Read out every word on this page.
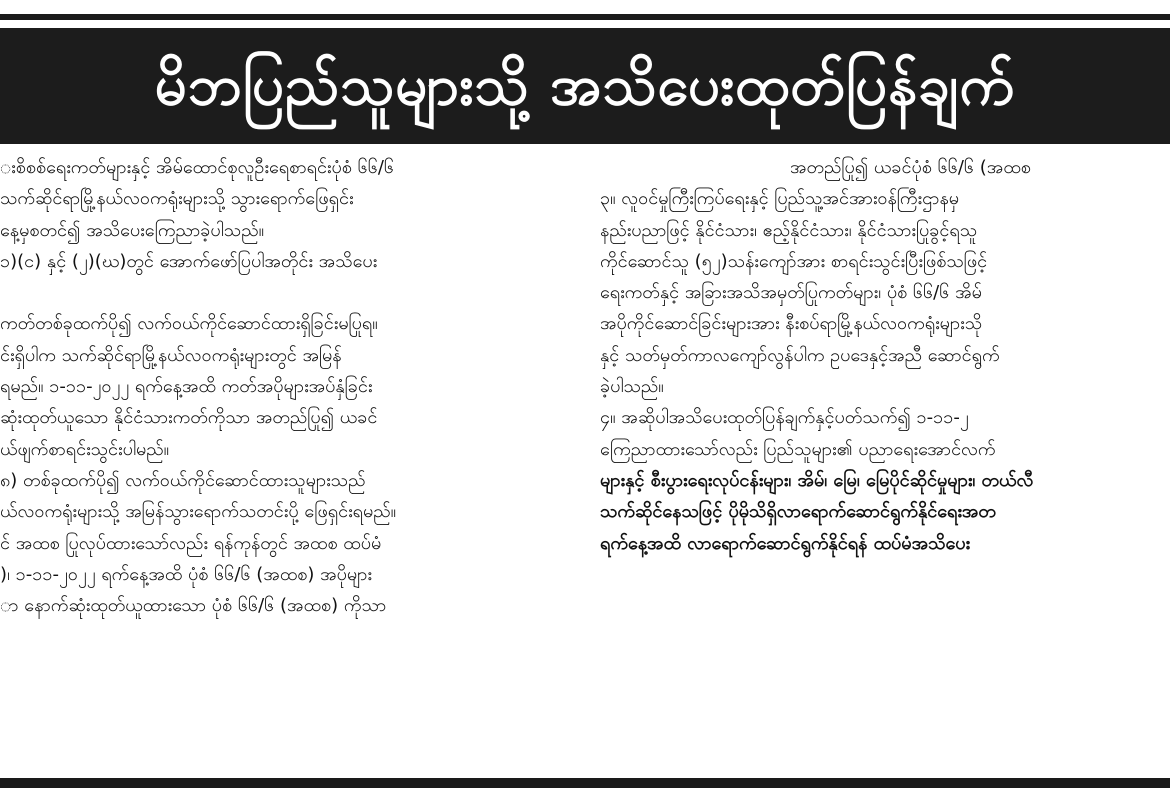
မိဘပြည်သူများသို့ အသိပေးထုတ်ပြန်ချက်
းစိစစ်ရေးကတ်များနှင့် အိမ်ထောင်စုလူဦးရေစာရင်းပုံစံ ၆၆/၆
သက်ဆိုင်ရာမြို့နယ်လဝကရုံးများသို့ သွားရောက်ဖြေရှင်း
နေ့မှစတင်၍ အသိပေးကြေညာခဲ့ပါသည်။
၁)(င) နှင့် (၂)(ဃ)တွင် အောက်ဖော်ပြပါအတိုင်း အသိပေး

ကတ်တစ်ခုထက်ပို၍ လက်ဝယ်ကိုင်ဆောင်ထားရှိခြင်းမပြုရ။
င်းရှိပါက သက်ဆိုင်ရာမြို့နယ်လဝကရုံးများတွင် အမြန်
ရမည်။ ၁-၁၁-၂၀၂၂ ရက်နေ့အထိ ကတ်အပိုများအပ်နှံခြင်း
ဆုံးထုတ်ယူသော နိုင်ငံသားကတ်ကိုသာ အတည်ပြု၍ ယခင်
ယ်ဖျက်စာရင်းသွင်းပါမည်။
၈) တစ်ခုထက်ပို၍ လက်ဝယ်ကိုင်ဆောင်ထားသူများသည်
ယ်လဝကရုံးများသို့ အမြန်သွားရောက်သတင်းပို့ ဖြေရှင်းရမည်။
င် အထစ ပြုလုပ်ထားသော်လည်း ရန်ကုန်တွင် အထစ ထပ်မံ
)၊ ၁-၁၁-၂၀၂၂ ရက်နေ့အထိ ပုံစံ ၆၆/၆ (အထစ) အပိုများ
ာ နောက်ဆုံးထုတ်ယူထားသော ပုံစံ ၆၆/၆ (အထစ) ကိုသာ
အတည်ပြု၍ ယခင်ပုံစံ ၆၆/၆ (အထစ
၃။ လူဝင်မှုကြီးကြပ်ရေးနှင့် ပြည်သူ့အင်အားဝန်ကြီးဌာနမှ
နည်းပညာဖြင့် နိုင်ငံသား၊ ဧည့်နိုင်ငံသား၊ နိုင်ငံသားပြုခွင့်ရသူ
ကိုင်ဆောင်သူ (၅၂)သန်းကျော်အား စာရင်းသွင်းပြီးဖြစ်သဖြင့်
ရေးကတ်နှင့် အခြားအသိအမှတ်ပြုကတ်များ၊ ပုံစံ ၆၆/၆ အိမ်
အပိုကိုင်ဆောင်ခြင်းများအား နီးစပ်ရာမြို့နယ်လဝကရုံးများသို
နှင့် သတ်မှတ်ကာလကျော်လွန်ပါက ဥပဒေနှင့်အညီ ဆောင်ရွက်
ခဲ့ပါသည်။
၄။ အဆိုပါအသိပေးထုတ်ပြန်ချက်နှင့်ပတ်သက်၍ ၁-၁၁-၂
ကြေညာထားသော်လည်း ပြည်သူများ၏ ပညာရေးအောင်လက်
များနှင့် စီးပွားရေးလုပ်ငန်းများ၊ အိမ်၊ မြေ၊ မြေပိုင်ဆိုင်မှုများ၊ တယ်လီ
သက်ဆိုင်နေသဖြင့် ပိုမိုသိရှိလာရောက်ဆောင်ရွက်နိုင်ရေးအတ
ရက်နေ့အထိ လာရောက်ဆောင်ရွက်နိုင်ရန် ထပ်မံအသိပေး
